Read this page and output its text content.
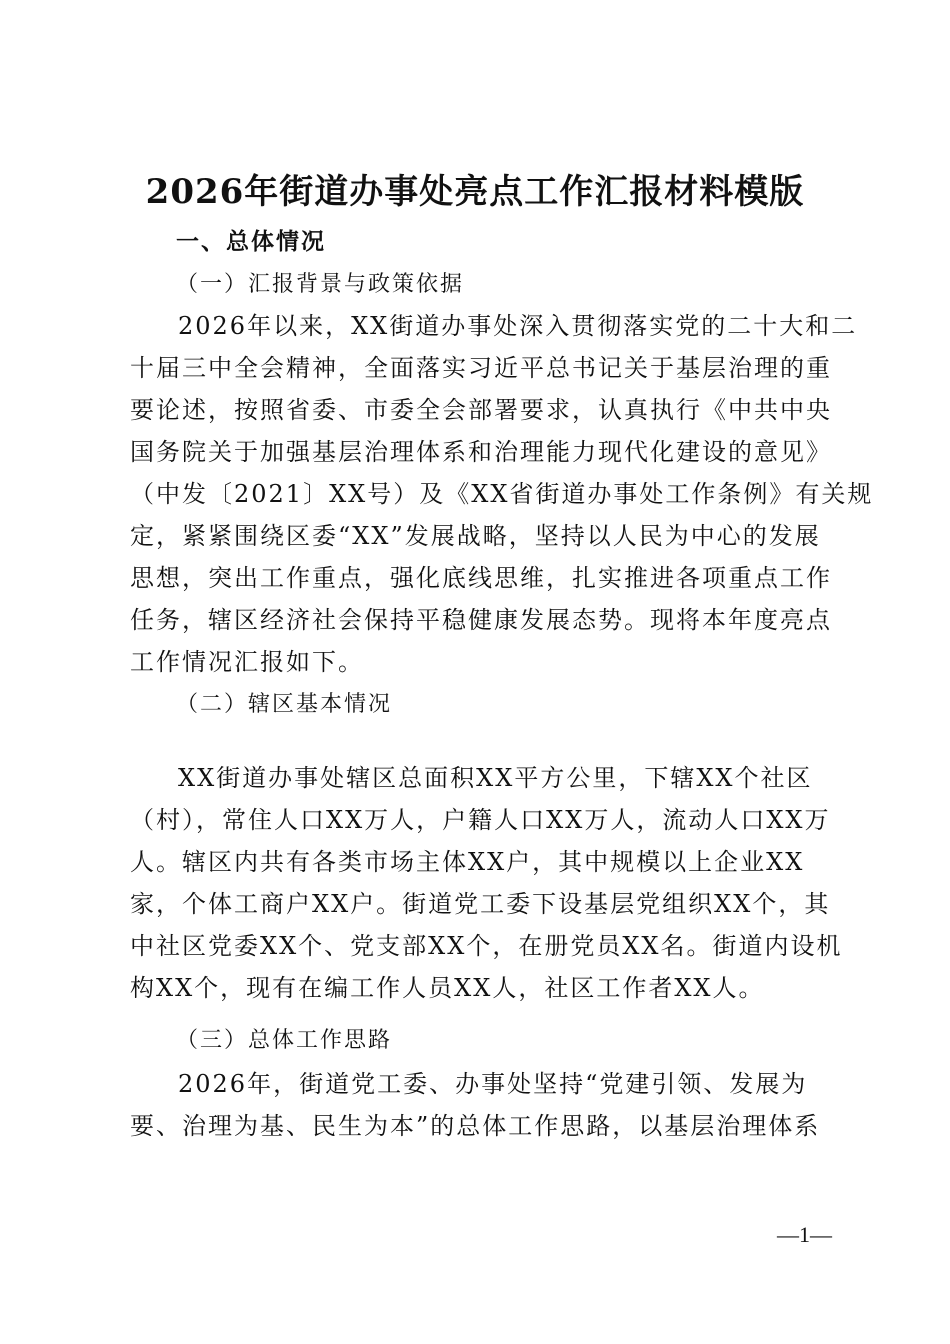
2026年街道办事处亮点工作汇报材料模版
一、总体情况
（一）汇报背景与政策依据
2026年以来，XX街道办事处深入贯彻落实党的二十大和二
十届三中全会精神，全面落实习近平总书记关于基层治理的重
要论述，按照省委、市委全会部署要求，认真执行《中共中央
国务院关于加强基层治理体系和治理能力现代化建设的意见》
（中发〔2021〕XX号）及《XX省街道办事处工作条例》有关规
定，紧紧围绕区委“XX”发展战略，坚持以人民为中心的发展
思想，突出工作重点，强化底线思维，扎实推进各项重点工作
任务，辖区经济社会保持平稳健康发展态势。现将本年度亮点
工作情况汇报如下。
（二）辖区基本情况
XX街道办事处辖区总面积XX平方公里，下辖XX个社区
（村），常住人口XX万人，户籍人口XX万人，流动人口XX万
人。辖区内共有各类市场主体XX户，其中规模以上企业XX
家，个体工商户XX户。街道党工委下设基层党组织XX个，其
中社区党委XX个、党支部XX个，在册党员XX名。街道内设机
构XX个，现有在编工作人员XX人，社区工作者XX人。
（三）总体工作思路
2026年，街道党工委、办事处坚持“党建引领、发展为
要、治理为基、民生为本”的总体工作思路，以基层治理体系
—1—
